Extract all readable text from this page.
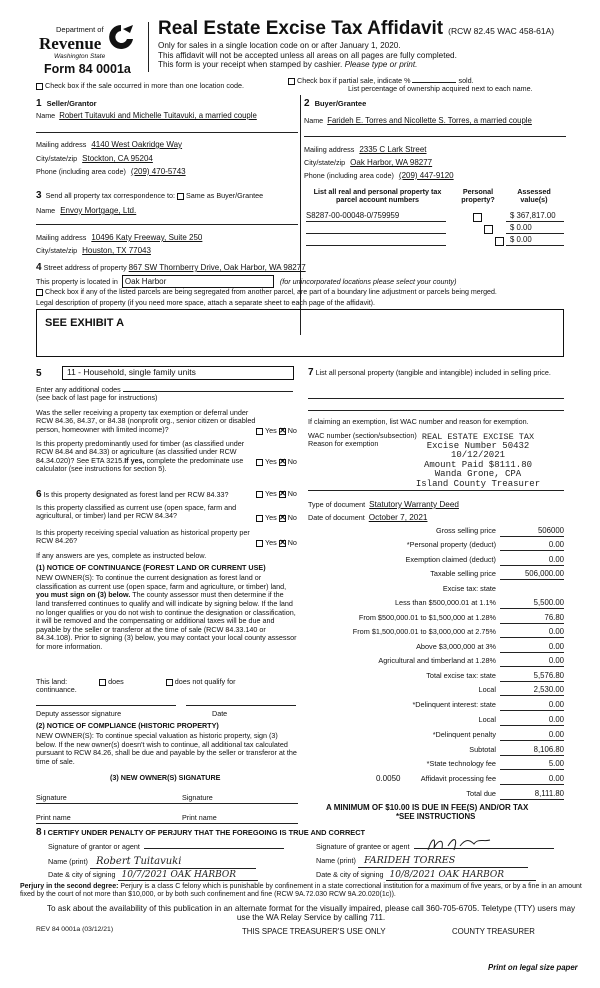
Department of
Revenue
Washington State
Form 84 0001a
Real Estate Excise Tax Affidavit (RCW 82.45 WAC 458-61A)
Only for sales in a single location code on or after January 1, 2020.
This affidavit will not be accepted unless all areas on all pages are fully completed.
This form is your receipt when stamped by cashier. Please type or print.
Check box if the sale occurred in more than one location code.
Check box if partial sale, indicate %	sold.
List percentage of ownership acquired next to each name.
1 Seller/Grantor
Name Robert Tuitavuki and Michelle Tuitavuki, a married couple
Mailing address 4140 West Oakridge Way
City/state/zip Stockton, CA 95204
Phone (including area code) (209) 470-5743
2 Buyer/Grantee
Name Farideh E. Torres and Nicollette S. Torres, a married couple
Mailing address 2335 C Lark Street
City/state/zip Oak Harbor, WA 98277
Phone (including area code) (209) 447-9120
3 Send all property tax correspondence to: Same as Buyer/Grantee
Name Envoy Mortgage, Ltd.
Mailing address 10496 Katy Freeway, Suite 250
City/state/zip Houston, TX 77043
List all real and personal property tax parcel account numbers
Personal property?
Assessed value(s)
S8287-00-00048-0/759959	$ 367,817.00
$ 0.00
$ 0.00
4 Street address of property 867 SW Thornberry Drive, Oak Harbor, WA 98277
This property is located in Oak Harbor	(for unincorporated locations please select your county)
Check box if any of the listed parcels are being segregated from another parcel, are part of a boundary line adjustment or parcels being merged.
Legal description of property (if you need more space, attach a separate sheet to each page of the affidavit).
SEE EXHIBIT A
5	11 - Household, single family units
Enter any additional codes
(see back of last page for instructions)
Was the seller receiving a property tax exemption or deferral under RCW 84.36, 84.37, or 84.38 (nonprofit org., senior citizen or disabled person, homeowner with limited income)?	Yes ✕ No
Is this property predominantly used for timber (as classified under RCW 84.84 and 84.33) or agriculture (as classified under RCW 84.34.020)? See ETA 3215.If yes, complete the predominate use calculator (see instructions for section 5).
Yes ✕ No
6 Is this property designated as forest land per RCW 84.33?	Yes ✕ No
Is this property classified as current use (open space, farm and agricultural, or timber) land per RCW 84.34?	Yes ✕ No
Is this property receiving special valuation as historical property per RCW 84.26?	Yes ✕ No
If any answers are yes, complete as instructed below.
(1) NOTICE OF CONTINUANCE (FOREST LAND OR CURRENT USE)
NEW OWNER(S): To continue the current designation as forest land or classification as current use (open space, farm and agriculture, or timber) land, you must sign on (3) below. The county assessor must then determine if the land transferred continues to qualify and will indicate by signing below. If the land no longer qualifies or you do not wish to continue the designation or classification, it will be removed and the compensating or additional taxes will be due and payable by the seller or transferor at the time of sale (RCW 84.33.140 or 84.34.108). Prior to signing (3) below, you may contact your local county assessor for more information.
This land:	does	does not qualify for
continuance.
Deputy assessor signature	Date
(2) NOTICE OF COMPLIANCE (HISTORIC PROPERTY)
NEW OWNER(S): To continue special valuation as historic property, sign (3) below. If the new owner(s) doesn't wish to continue, all additional tax calculated pursuant to RCW 84.26, shall be due and payable by the seller or transferor at the time of sale.
(3) NEW OWNER(S) SIGNATURE
Signature	Signature
Print name	Print name
7 List all personal property (tangible and intangible) included in selling price.
If claiming an exemption, list WAC number and reason for exemption.
WAC number (section/subsection)
Reason for exemption
REAL ESTATE EXCISE TAX
Excise Number 50432
10/12/2021
Amount Paid $8111.80
Wanda Grone, CPA
Island County Treasurer
Type of document Statutory Warranty Deed
Date of document October 7, 2021
Gross selling price	506000
*Personal property (deduct)	0.00
Exemption claimed (deduct)	0.00
Taxable selling price	506,000.00
Excise tax: state
Less than $500,000.01 at 1.1%	5,500.00
From $500,000.01 to $1,500,000 at 1.28%	76.80
From $1,500,000.01 to $3,000,000 at 2.75%	0.00
Above $3,000,000 at 3%	0.00
Agricultural and timberland at 1.28%	0.00
Total excise tax: state	5,576.80
Local	2,530.00
*Delinquent interest: state	0.00
Local	0.00
*Delinquent penalty	0.00
Subtotal	8,106.80
*State technology fee	5.00
Affidavit processing fee	0.00
Total due	8,111.80
0.0050
A MINIMUM OF $10.00 IS DUE IN FEE(S) AND/OR TAX
*SEE INSTRUCTIONS
8 I CERTIFY UNDER PENALTY OF PERJURY THAT THE FOREGOING IS TRUE AND CORRECT
Signature of grantor or agent
Name (print) Robert Tuitavuki
Date & city of signing 10/7/2021 OAK HARBOR
Signature of grantee or agent
Name (print) FARIDEH TORRES
Date & city of signing 10/8/2021 OAK HARBOR
Perjury in the second degree: Perjury is a class C felony which is punishable by confinement in a state correctional institution for a maximum of five years, or by a fine in an amount fixed by the court of not more than $10,000, or by both such confinement and fine (RCW 9A.72.030 RCW 9A.20.020(1c)).
To ask about the availability of this publication in an alternate format for the visually impaired, please call 360-705-6705. Teletype (TTY) users may use the WA Relay Service by calling 711.
REV 84 0001a (03/12/21)	THIS SPACE TREASURER'S USE ONLY	COUNTY TREASURER
Print on legal size paper
